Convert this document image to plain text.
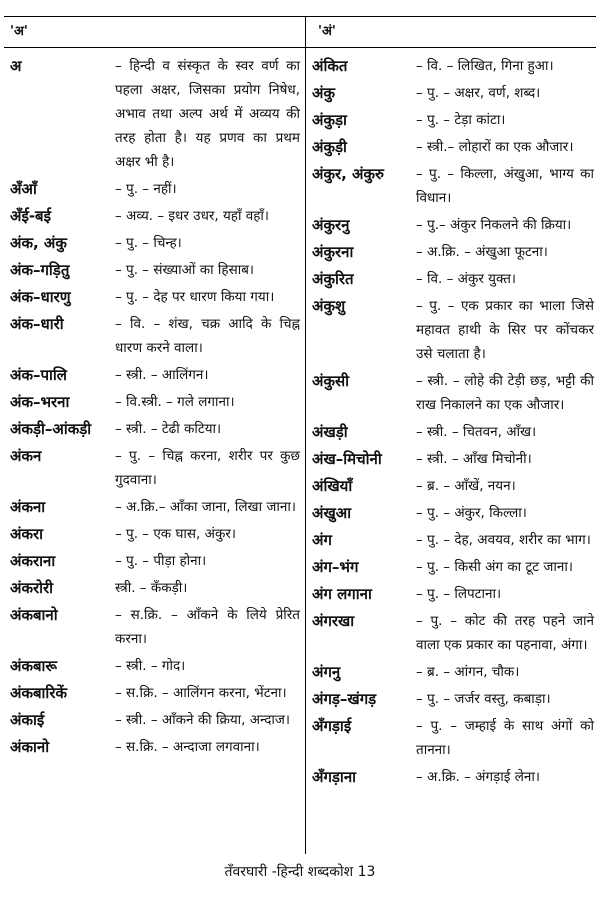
'अ'	'अं'
अ	– हिन्दी व संस्कृत के स्वर वर्ण का पहला अक्षर, जिसका प्रयोग निषेध, अभाव तथा अल्प अर्थ में अव्यय की तरह होता है। यह प्रणव का प्रथम अक्षर भी है।
अँआँ	– पु. – नहीं।
अँई-बई	– अव्य. – इधर उधर, यहाँ वहाँ।
अंक, अंकु	– पु. – चिन्ह।
अंक–गड़ितु	– पु. – संख्याओं का हिसाब।
अंक–धारणु	– पु. – देह पर धारण किया गया।
अंक–धारी	– वि. – शंख, चक्र आदि के चिह्न धारण करने वाला।
अंक–पालि	– स्त्री. – आलिंगन।
अंक–भरना	– वि.स्त्री. – गले लगाना।
अंकड़ी–आंकड़ी	– स्त्री. – टेढी कटिया।
अंकन	– पु. – चिह्न करना, शरीर पर कुछ गुदवाना।
अंकना	– अ.क्रि.– आँका जाना, लिखा जाना।
अंकरा	– पु. – एक घास, अंकुर।
अंकराना	– पु. – पीड़ा होना।
अंकरोरी	स्त्री. – कँकड़ी।
अंकबानो	– स.क्रि. – आँकने के लिये प्रेरित करना।
अंकबारू	– स्त्री. – गोद।
अंकबारिकें	– स.क्रि. – आलिंगन करना, भेंटना।
अंकाई	– स्त्री. – आँकने की क्रिया, अन्दाज।
अंकानो	– स.क्रि. – अन्दाजा लगवाना।
अंकित	– वि. – लिखित, गिना हुआ।
अंकु	– पु. – अक्षर, वर्ण, शब्द।
अंकुड़ा	– पु. – टेड़ा कांटा।
अंकुड़ी	– स्त्री.– लोहारों का एक औजार।
अंकुर, अंकुरु	– पु. – किल्ला, अंखुआ, भाग्य का विधान।
अंकुरनु	– पु.– अंकुर निकलने की क्रिया।
अंकुरना	– अ.क्रि. – अंखुआ फूटना।
अंकुरित	– वि. – अंकुर युक्त।
अंकुशु	– पु. – एक प्रकार का भाला जिसे महावत हाथी के सिर पर कोंचकर उसे चलाता है।
अंकुसी	– स्त्री. – लोहे की टेड़ी छड़, भट्टी की राख निकालने का एक औजार।
अंखड़ी	– स्त्री. – चितवन, आँख।
अंख–मिचोनी	– स्त्री. – आँख मिचोनी।
अंखियाँ	– ब्र. – आँखें, नयन।
अंखुआ	– पु. – अंकुर, किल्ला।
अंग	– पु. – देह, अवयव, शरीर का भाग।
अंग–भंग	– पु. – किसी अंग का टूट जाना।
अंग लगाना	– पु. – लिपटाना।
अंगरखा	– पु. – कोट की तरह पहने जाने वाला एक प्रकार का पहनावा, अंगा।
अंगनु	– ब्र. – आंगन, चौक।
अंगड़–खंगड़	– पु. – जर्जर वस्तु, कबाड़ा।
अँगड़ाई	– पु. – जम्हाई के साथ अंगों को तानना।
अँगड़ाना	– अ.क्रि. – अंगड़ाई लेना।
तँवरघारी -हिन्दी शब्दकोश 13
